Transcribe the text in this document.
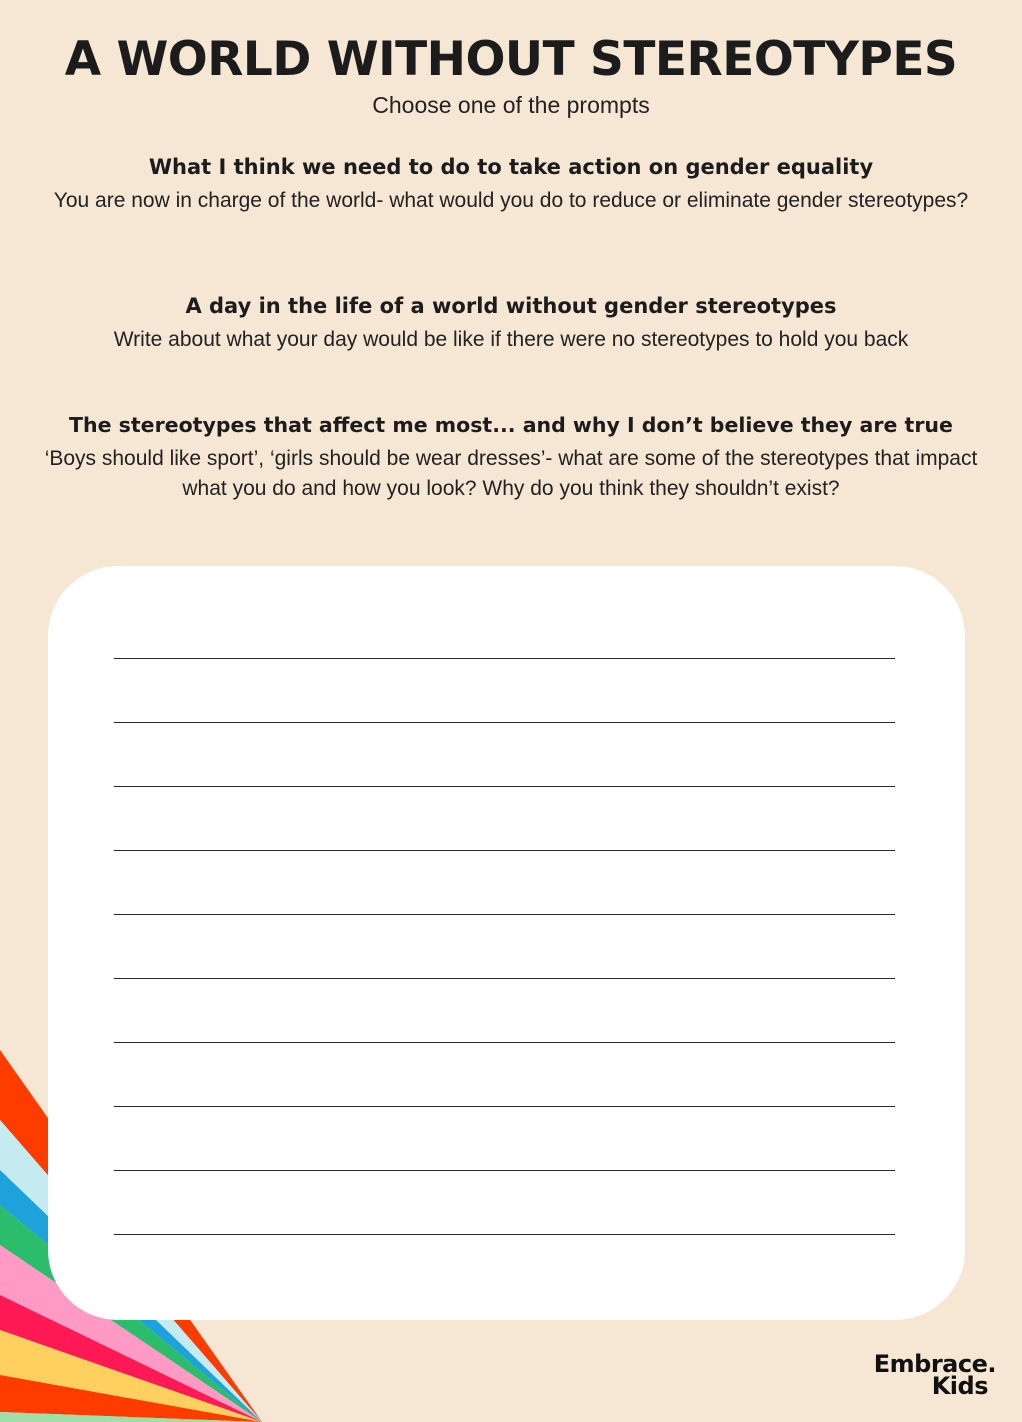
A WORLD WITHOUT STEREOTYPES
Choose one of the prompts
What I think we need to do to take action on gender equality
You are now in charge of the world- what would you do to reduce or eliminate gender stereotypes?
A day in the life of a world without gender stereotypes
Write about what your day would be like if there were no stereotypes to hold you back
The stereotypes that affect me most... and why I don’t believe they are true
‘Boys should like sport’, ‘girls should be wear dresses’- what are some of the stereotypes that impact what you do and how you look? Why do you think they shouldn’t exist?
Embrace.
Kids
